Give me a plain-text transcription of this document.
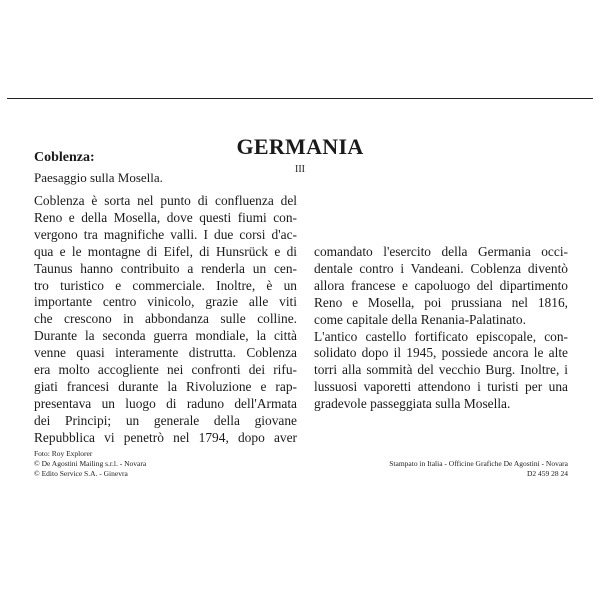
GERMANIA
III
Coblenza:
Paesaggio sulla Mosella.
Coblenza è sorta nel punto di confluenza del
Reno e della Mosella, dove questi fiumi con-
vergono tra magnifiche valli. I due corsi d'ac-
qua e le montagne di Eifel, di Hunsrück e di
Taunus hanno contribuito a renderla un cen-
tro turistico e commerciale. Inoltre, è un
importante centro vinicolo, grazie alle viti
che crescono in abbondanza sulle colline.
Durante la seconda guerra mondiale, la città
venne quasi interamente distrutta. Coblenza
era molto accogliente nei confronti dei rifu-
giati francesi durante la Rivoluzione e rap-
presentava un luogo di raduno dell'Armata
dei Principi; un generale della giovane
Repubblica vi penetrò nel 1794, dopo aver
comandato l'esercito della Germania occi-
dentale contro i Vandeani. Coblenza diventò
allora francese e capoluogo del dipartimento
Reno e Mosella, poi prussiana nel 1816,
come capitale della Renania-Palatinato.
L'antico castello fortificato episcopale, con-
solidato dopo il 1945, possiede ancora le alte
torri alla sommità del vecchio Burg. Inoltre, i
lussuosi vaporetti attendono i turisti per una
gradevole passeggiata sulla Mosella.
Foto: Roy Explorer
© De Agostini Mailing s.r.l. - Novara
© Edito Service S.A. - Ginevra
Stampato in Italia - Officine Grafiche De Agostini - Novara
D2 459 28 24
